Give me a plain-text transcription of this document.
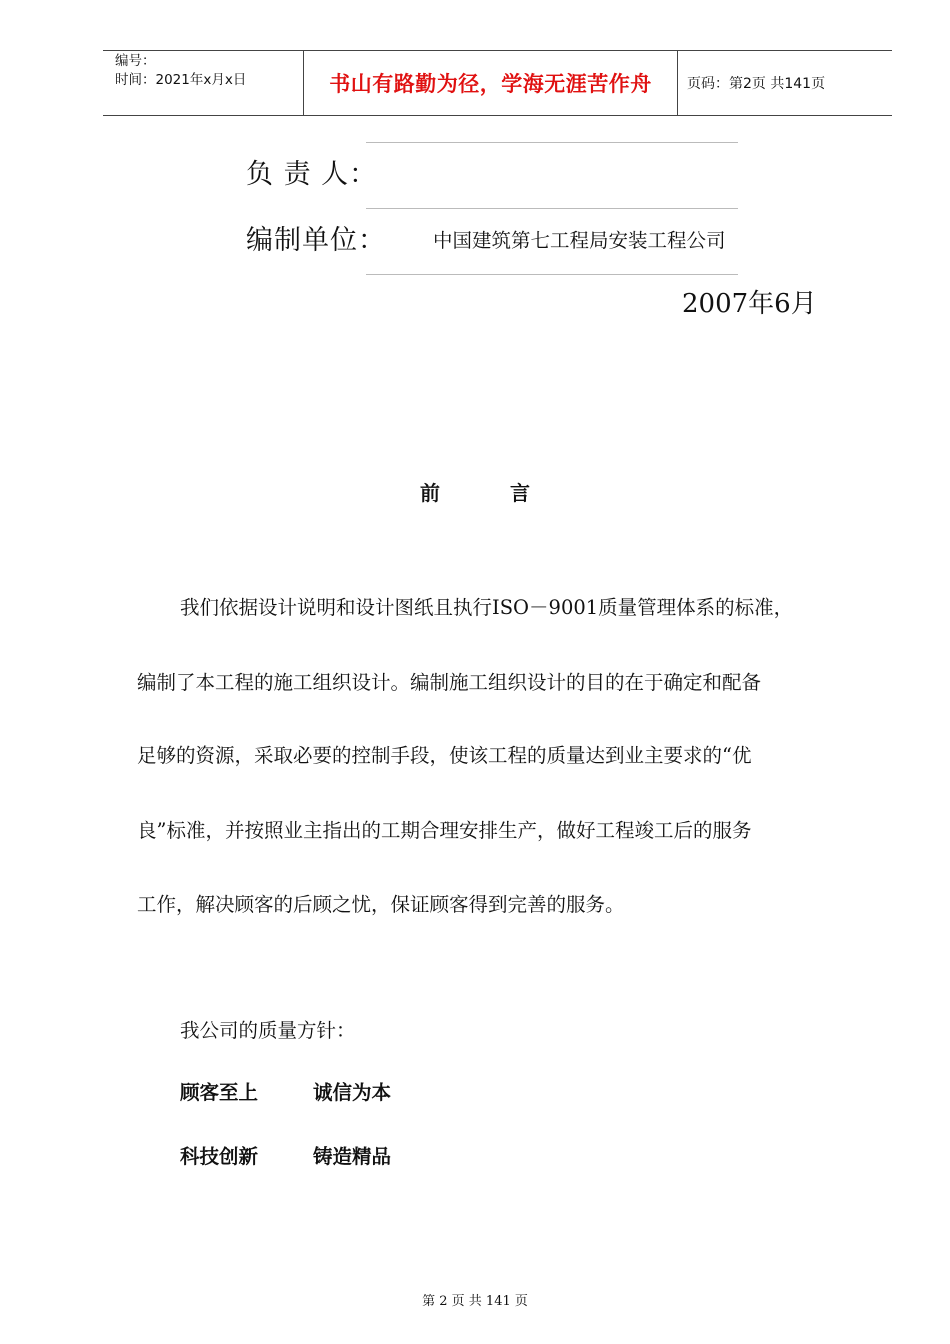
编号：
时间：2021年x月x日	书山有路勤为径，学海无涯苦作舟	页码：第2页 共141页
负 责 人：
编制单位： 中国建筑第七工程局安装工程公司
2007年6月
前	言
我们依据设计说明和设计图纸且执行ISO－9001质量管理体系的标准，
编制了本工程的施工组织设计。编制施工组织设计的目的在于确定和配备
足够的资源，采取必要的控制手段，使该工程的质量达到业主要求的“优
良”标准，并按照业主指出的工期合理安排生产，做好工程竣工后的服务
工作，解决顾客的后顾之忧，保证顾客得到完善的服务。
我公司的质量方针：
顾客至上	诚信为本
科技创新	铸造精品
第 2 页 共 141 页
